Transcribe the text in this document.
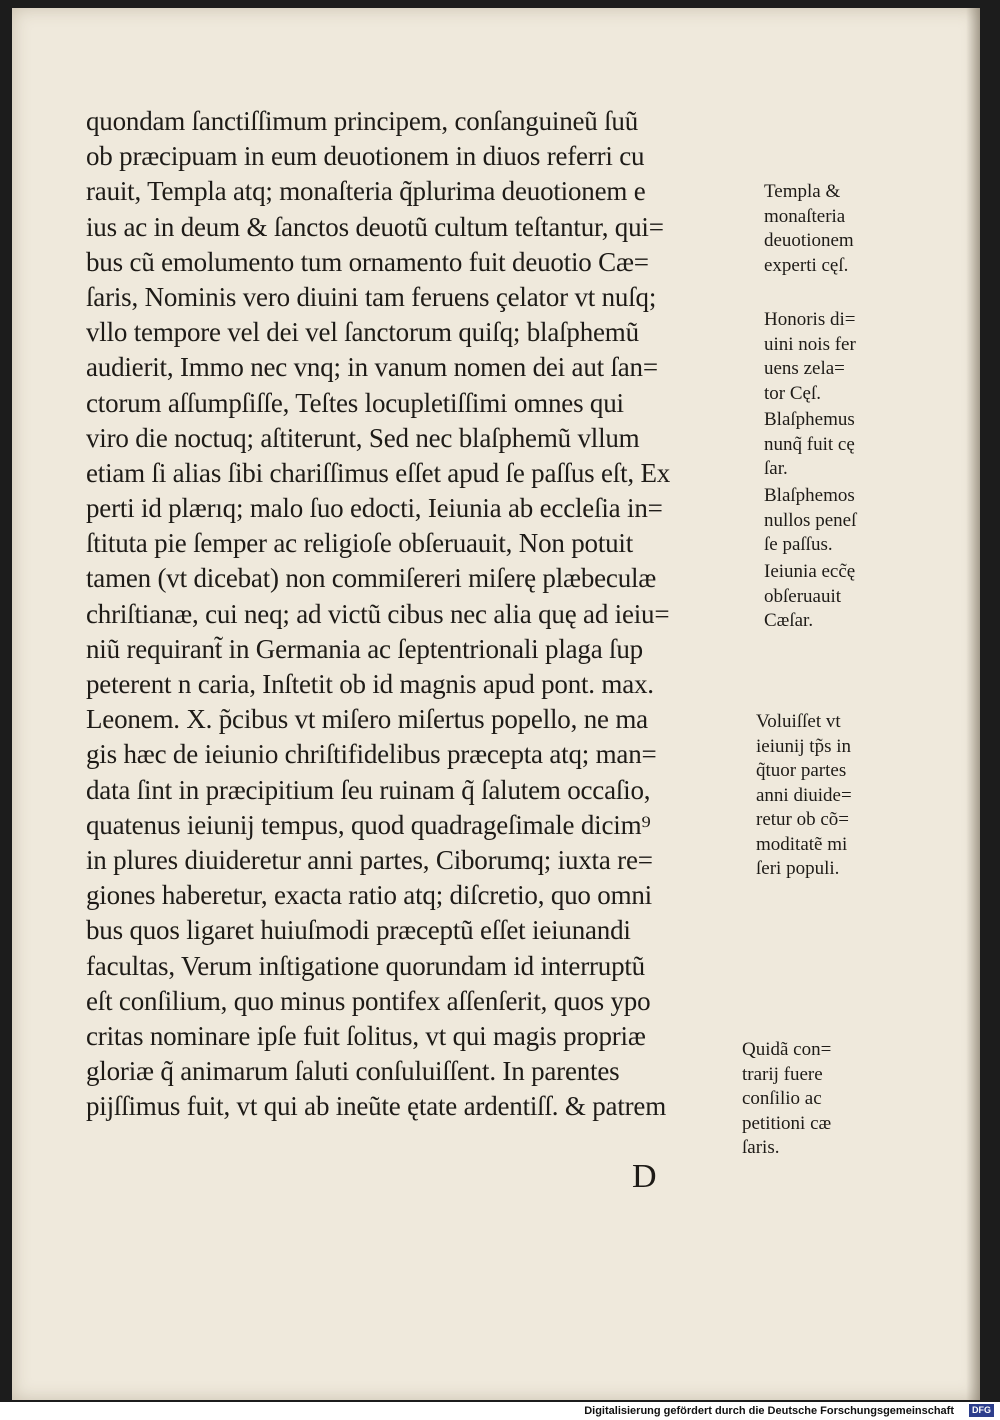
quondam ſanctiſſimum principem, conſanguineũ ſuũ
ob præcipuam in eum deuotionem in diuos referri cu
rauit, Templa atq; monaſteria q̃plurima deuotionem e
ius ac in deum & ſanctos deuotũ cultum teſtantur, qui=
bus cũ emolumento tum ornamento fuit deuotio Cæ=
ſaris, Nominis vero diuini tam feruens çelator vt nuſq;
vllo tempore vel dei vel ſanctorum quiſq; blaſphemũ
audierit, Immo nec vnq; in vanum nomen dei aut ſan=
ctorum aſſumpſiſſe, Teſtes locupletiſſimi omnes qui
viro die noctuq; aſtiterunt, Sed nec blaſphemũ vllum
etiam ſi alias ſibi chariſſimus eſſet apud ſe paſſus eſt, Ex
perti id plærıq; malo ſuo edocti, Ieiunia ab eccleſia in=
ſtituta pie ſemper ac religioſe obſeruauit, Non potuit
tamen (vt dicebat) non commiſereri miſerę plæbeculæ
chriſtianæ, cui neq; ad victũ cibus nec alia quę ad ieiu=
niũ requirant̃ in Germania ac ſeptentrionali plaga ſup
peterent n caria, Inſtetit ob id magnis apud pont. max.
Leonem. X. p̃cibus vt miſero miſertus popello, ne ma
gis hæc de ieiunio chriſtifidelibus præcepta atq; man=
data ſint in præcipitium ſeu ruinam q̃ ſalutem occaſio,
quatenus ieiunij tempus, quod quadrageſimale dicim⁹
in plures diuideretur anni partes, Ciborumq; iuxta re=
giones haberetur, exacta ratio atq; diſcretio, quo omni
bus quos ligaret huiuſmodi præceptũ eſſet ieiunandi
facultas, Verum inſtigatione quorundam id interruptũ
eſt conſilium, quo minus pontifex aſſenſerit, quos ypo
critas nominare ipſe fuit ſolitus, vt qui magis propriæ
gloriæ q̃ animarum ſaluti conſuluiſſent. In parentes
pijſſimus fuit, vt qui ab ineũte ętate ardentiſſ. & patrem
Templa &
monaſteria
deuotionem
experti cęſ.
Honoris di=
uini nois fer
uens zela=
tor Cęſ.
Blaſphemus
nunq̃ fuit cę
ſar.
Blaſphemos
nullos peneſ
ſe paſſus.
Ieiunia ecc̃ę
obſeruauit
Cæſar.
Voluiſſet vt
ieiunij tp̃s in
q̃tuor partes
anni diuide=
retur ob cõ=
moditatẽ mi
ſeri populi.
Quidã con=
trarij fuere
conſilio ac
petitioni cæ
ſaris.
D
Digitalisierung gefördert durch die Deutsche Forschungsgemeinschaft	DFG
